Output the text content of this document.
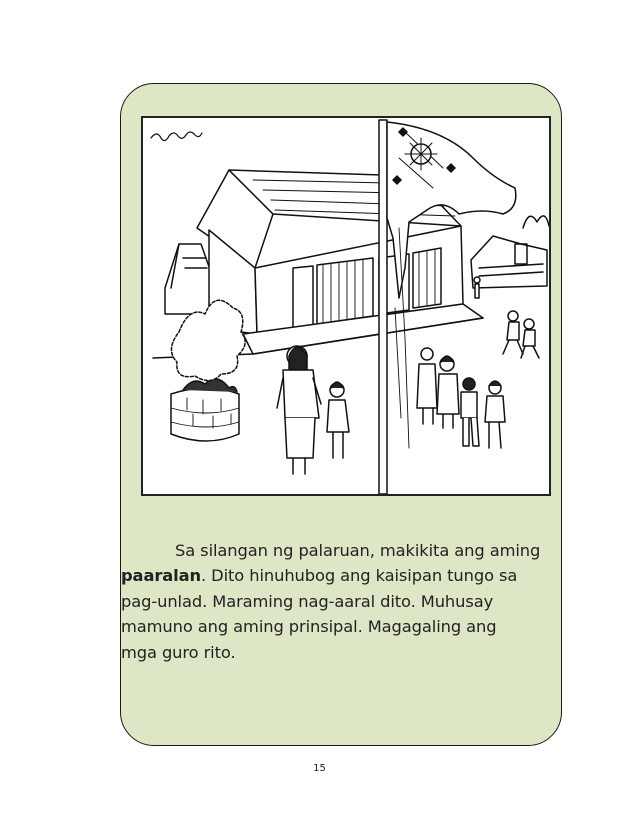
Sa silangan ng palaruan, makikita ang aming
paaralan. Dito hinuhubog ang kaisipan tungo sa
pag-unlad. Maraming nag-aaral dito. Muhusay
mamuno ang aming prinsipal. Magagaling ang
mga guro rito.

15
